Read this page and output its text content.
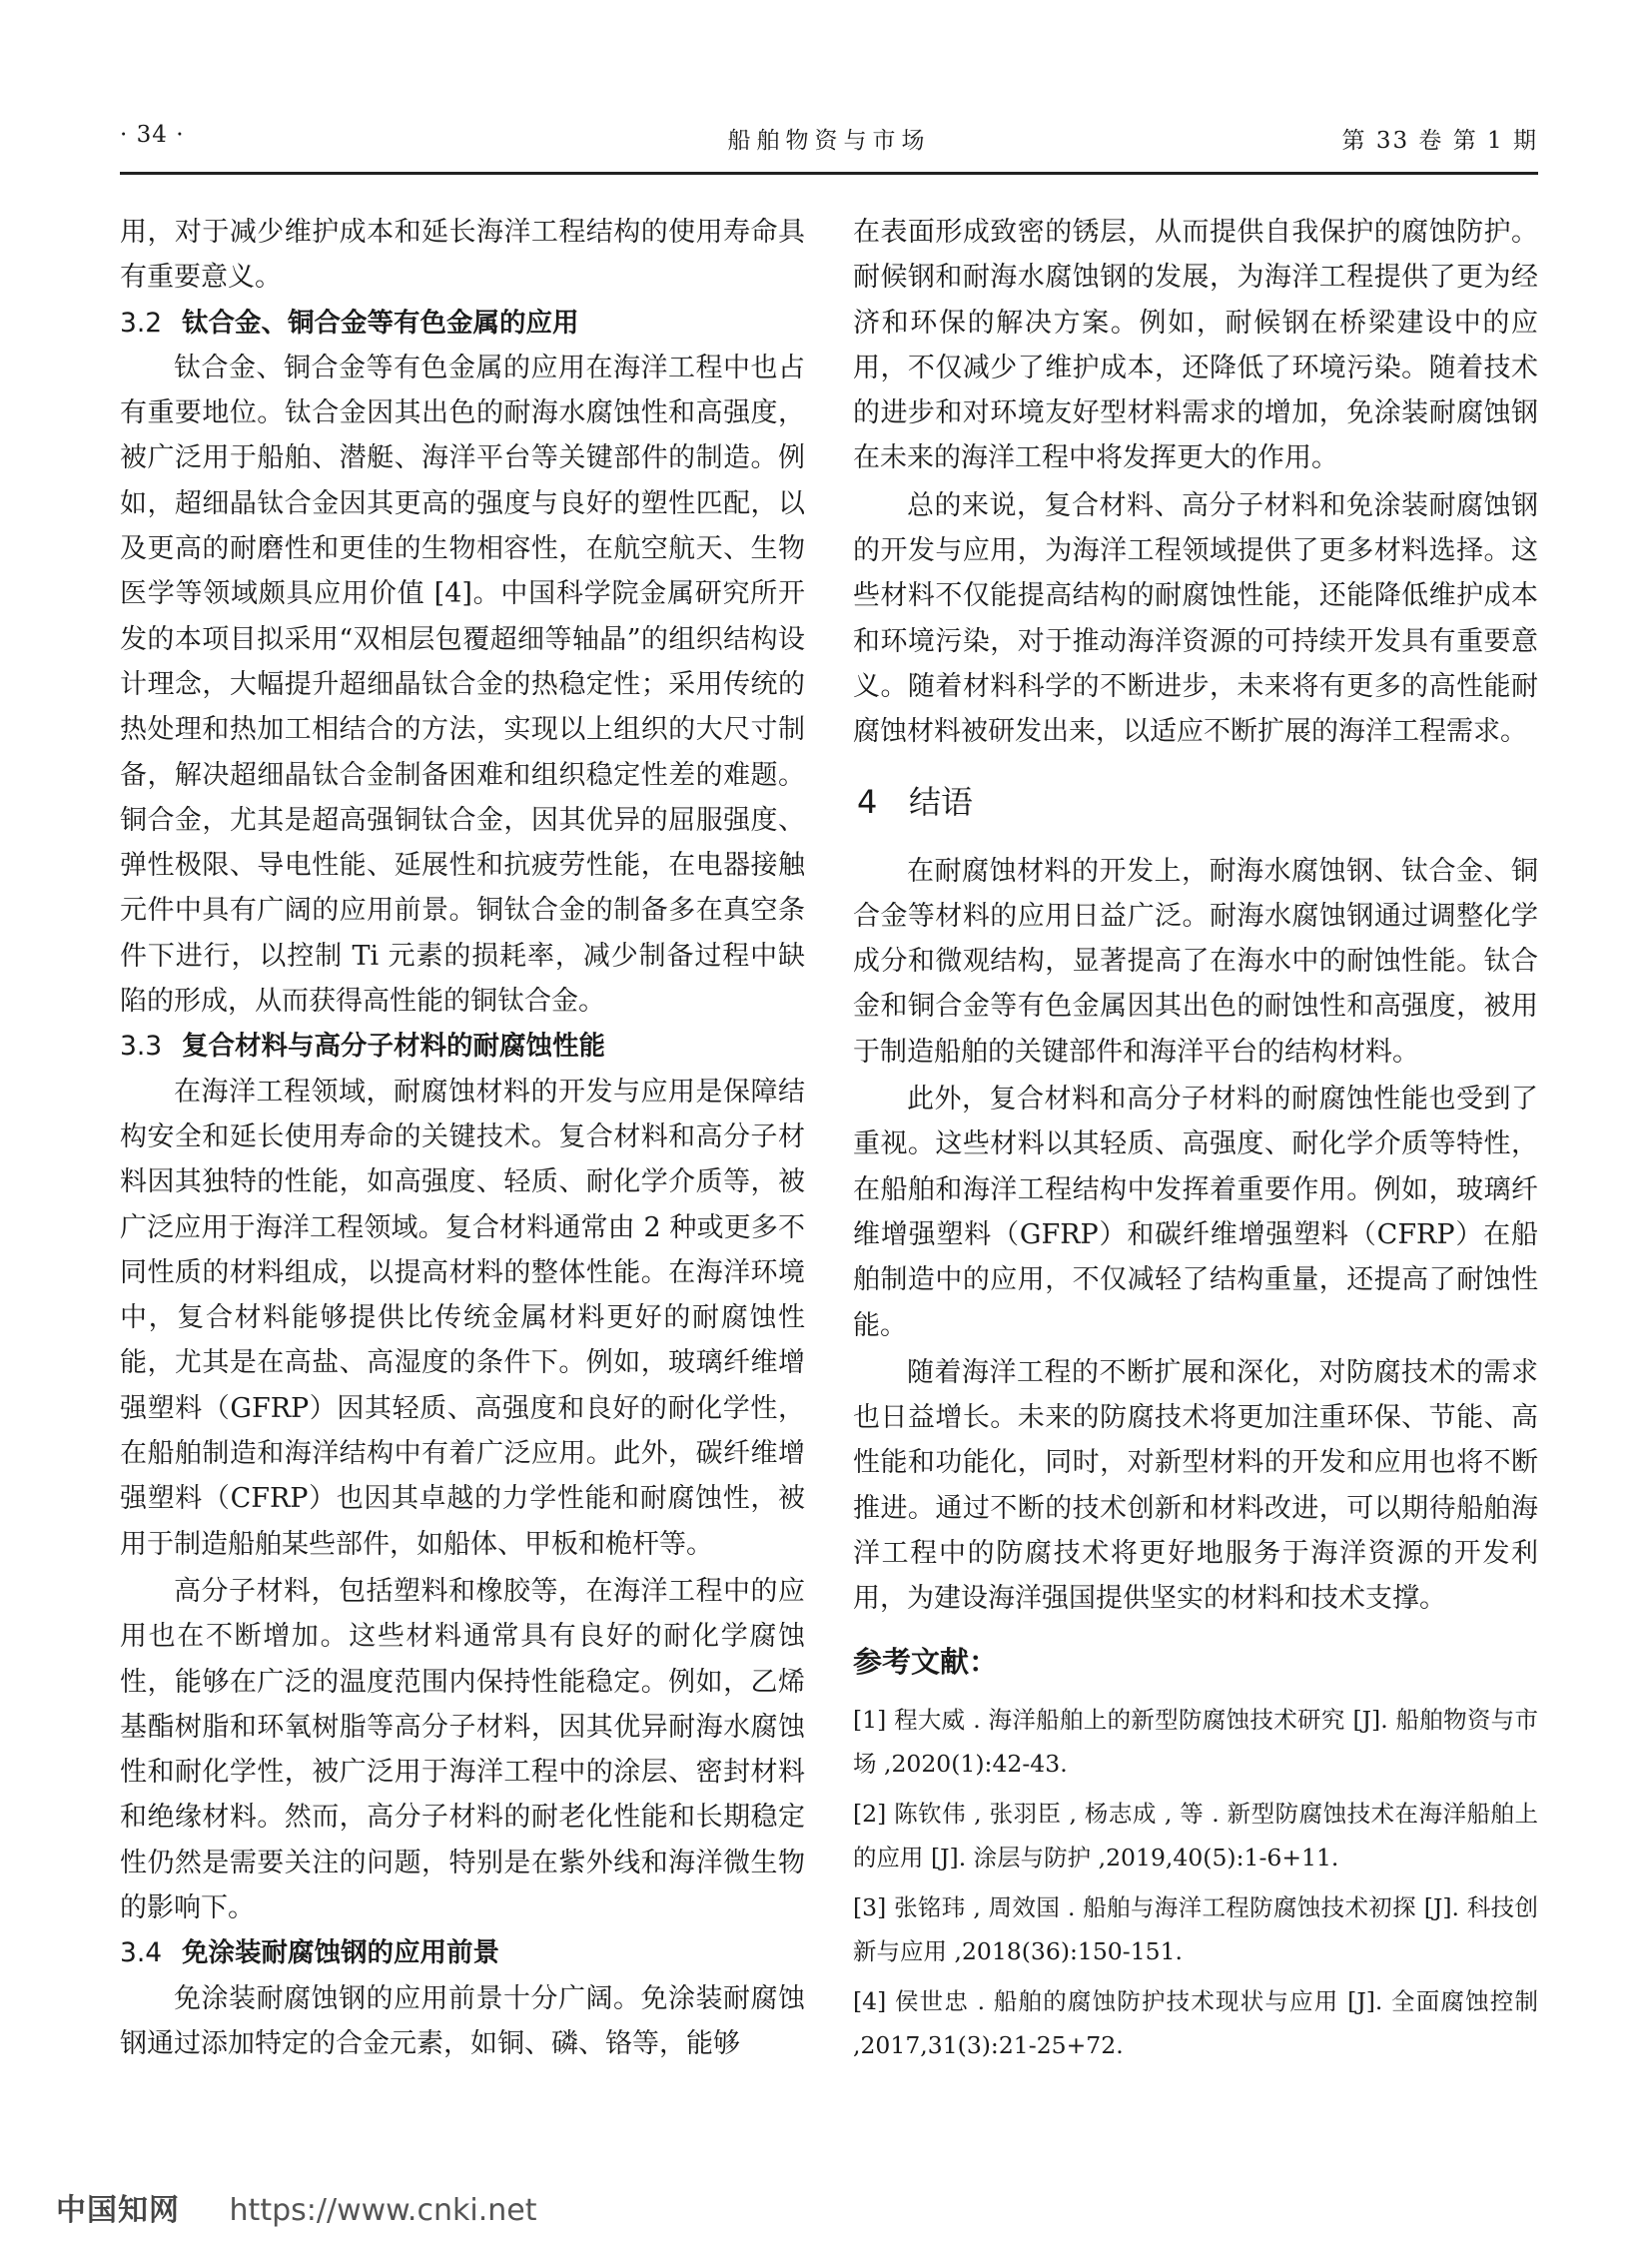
· 34 ·	船舶物资与市场	第 33 卷 第 1 期

用，对于减少维护成本和延长海洋工程结构的使用寿命具有重要意义。

3.2 钛合金、铜合金等有色金属的应用

钛合金、铜合金等有色金属的应用在海洋工程中也占有重要地位。钛合金因其出色的耐海水腐蚀性和高强度，被广泛用于船舶、潜艇、海洋平台等关键部件的制造。例如，超细晶钛合金因其更高的强度与良好的塑性匹配，以及更高的耐磨性和更佳的生物相容性，在航空航天、生物医学等领域颇具应用价值 [4]。中国科学院金属研究所开发的本项目拟采用“双相层包覆超细等轴晶”的组织结构设计理念，大幅提升超细晶钛合金的热稳定性；采用传统的热处理和热加工相结合的方法，实现以上组织的大尺寸制备，解决超细晶钛合金制备困难和组织稳定性差的难题。铜合金，尤其是超高强铜钛合金，因其优异的屈服强度、弹性极限、导电性能、延展性和抗疲劳性能，在电器接触元件中具有广阔的应用前景。铜钛合金的制备多在真空条件下进行，以控制 Ti 元素的损耗率，减少制备过程中缺陷的形成，从而获得高性能的铜钛合金。

3.3 复合材料与高分子材料的耐腐蚀性能

在海洋工程领域，耐腐蚀材料的开发与应用是保障结构安全和延长使用寿命的关键技术。复合材料和高分子材料因其独特的性能，如高强度、轻质、耐化学介质等，被广泛应用于海洋工程领域。复合材料通常由 2 种或更多不同性质的材料组成，以提高材料的整体性能。在海洋环境中，复合材料能够提供比传统金属材料更好的耐腐蚀性能，尤其是在高盐、高湿度的条件下。例如，玻璃纤维增强塑料（GFRP）因其轻质、高强度和良好的耐化学性，在船舶制造和海洋结构中有着广泛应用。此外，碳纤维增强塑料（CFRP）也因其卓越的力学性能和耐腐蚀性，被用于制造船舶某些部件，如船体、甲板和桅杆等。

高分子材料，包括塑料和橡胶等，在海洋工程中的应用也在不断增加。这些材料通常具有良好的耐化学腐蚀性，能够在广泛的温度范围内保持性能稳定。例如，乙烯基酯树脂和环氧树脂等高分子材料，因其优异耐海水腐蚀性和耐化学性，被广泛用于海洋工程中的涂层、密封材料和绝缘材料。然而，高分子材料的耐老化性能和长期稳定性仍然是需要关注的问题，特别是在紫外线和海洋微生物的影响下。

3.4 免涂装耐腐蚀钢的应用前景

免涂装耐腐蚀钢的应用前景十分广阔。免涂装耐腐蚀钢通过添加特定的合金元素，如铜、磷、铬等，能够

在表面形成致密的锈层，从而提供自我保护的腐蚀防护。耐候钢和耐海水腐蚀钢的发展，为海洋工程提供了更为经济和环保的解决方案。例如，耐候钢在桥梁建设中的应用，不仅减少了维护成本，还降低了环境污染。随着技术的进步和对环境友好型材料需求的增加，免涂装耐腐蚀钢在未来的海洋工程中将发挥更大的作用。

总的来说，复合材料、高分子材料和免涂装耐腐蚀钢的开发与应用，为海洋工程领域提供了更多材料选择。这些材料不仅能提高结构的耐腐蚀性能，还能降低维护成本和环境污染，对于推动海洋资源的可持续开发具有重要意义。随着材料科学的不断进步，未来将有更多的高性能耐腐蚀材料被研发出来，以适应不断扩展的海洋工程需求。

4 结语

在耐腐蚀材料的开发上，耐海水腐蚀钢、钛合金、铜合金等材料的应用日益广泛。耐海水腐蚀钢通过调整化学成分和微观结构，显著提高了在海水中的耐蚀性能。钛合金和铜合金等有色金属因其出色的耐蚀性和高强度，被用于制造船舶的关键部件和海洋平台的结构材料。

此外，复合材料和高分子材料的耐腐蚀性能也受到了重视。这些材料以其轻质、高强度、耐化学介质等特性，在船舶和海洋工程结构中发挥着重要作用。例如，玻璃纤维增强塑料（GFRP）和碳纤维增强塑料（CFRP）在船舶制造中的应用，不仅减轻了结构重量，还提高了耐蚀性能。

随着海洋工程的不断扩展和深化，对防腐技术的需求也日益增长。未来的防腐技术将更加注重环保、节能、高性能和功能化，同时，对新型材料的开发和应用也将不断推进。通过不断的技术创新和材料改进，可以期待船舶海洋工程中的防腐技术将更好地服务于海洋资源的开发利用，为建设海洋强国提供坚实的材料和技术支撑。

参考文献：

[1] 程大威 . 海洋船舶上的新型防腐蚀技术研究 [J]. 船舶物资与市场 ,2020(1):42-43.

[2] 陈钦伟 , 张羽臣 , 杨志成 , 等 . 新型防腐蚀技术在海洋船舶上的应用 [J]. 涂层与防护 ,2019,40(5):1-6+11.

[3] 张铭玮 , 周效国 . 船舶与海洋工程防腐蚀技术初探 [J]. 科技创新与应用 ,2018(36):150-151.

[4] 侯世忠 . 船舶的腐蚀防护技术现状与应用 [J]. 全面腐蚀控制 ,2017,31(3):21-25+72.

中国知网 https://www.cnki.net
